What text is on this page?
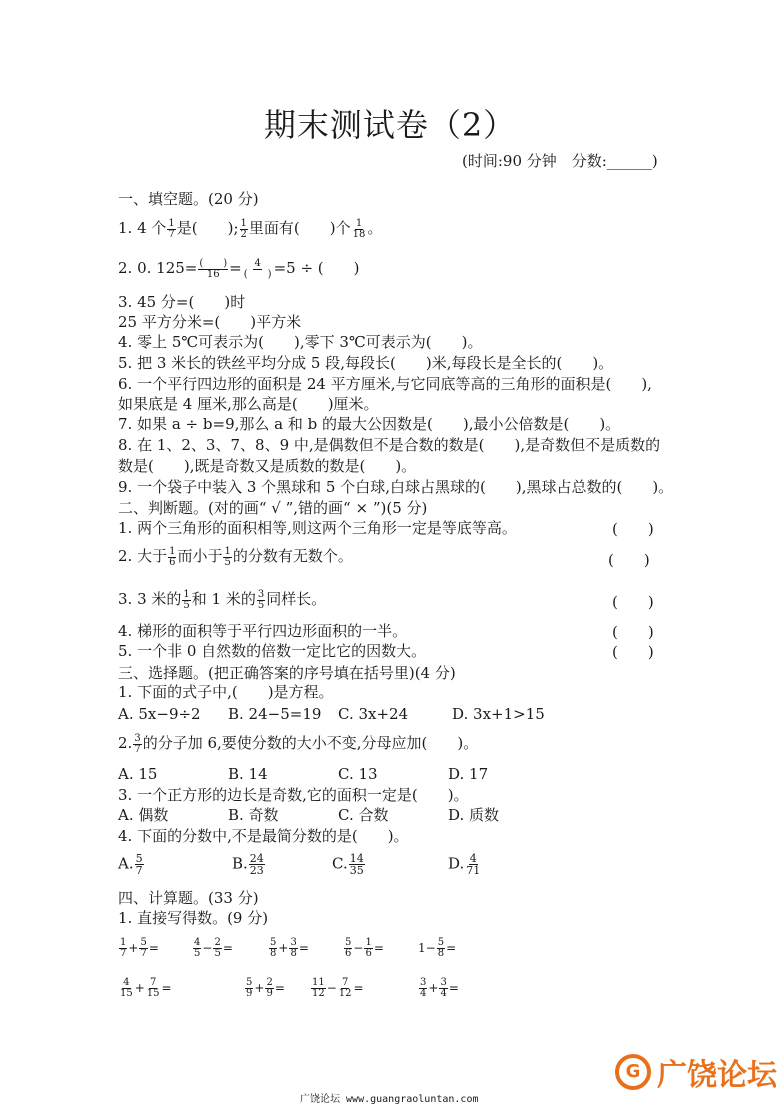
期末测试卷（2）
(时间:90 分钟　分数:______)
一、填空题。(20 分)
1. 4 个 $\frac{1}{7}$ 是(　　); $\frac{1}{2}$ 里面有(　　)个 $\frac{1}{18}$ 。
2. 0. $125= \frac{( )}{16} = \frac{4}{( )} =5$ ÷ (　　)
3. 45 分=(　　)时
25 平方分米=(　　)平方米
4. 零上 5℃可表示为(　　),零下 3℃可表示为(　　)。
5. 把 3 米长的铁丝平均分成 5 段,每段长(　　)米,每段长是全长的(　　)。
6. 一个平行四边形的面积是 24 平方厘米,与它同底等高的三角形的面积是(　　),
如果底是 4 厘米,那么高是(　　)厘米。
7. 如果 a ÷ b=9,那么 a 和 b 的最大公因数是(　　),最小公倍数是(　　)。
8. 在 1、2、3、7、8、9 中,是偶数但不是合数的数是(　　),是奇数但不是质数的
数是(　　),既是奇数又是质数的数是(　　)。
9. 一个袋子中装入 3 个黑球和 5 个白球,白球占黑球的(　　),黑球占总数的(　　)。
二、判断题。(对的画“ √ ”,错的画“ × ”)(5 分)
1. 两个三角形的面积相等,则这两个三角形一定是等底等高。	(　　)
2. 大于 $\frac{1}{6}$ 而小于 $\frac{1}{5}$ 的分数有无数个。	(　　)
3. 3 米的 $\frac{1}{5}$ 和 1 米的 $\frac{3}{5}$ 同样长。	(　　)
4. 梯形的面积等于平行四边形面积的一半。	(　　)
5. 一个非 0 自然数的倍数一定比它的因数大。	(　　)
三、选择题。(把正确答案的序号填在括号里)(4 分)
1. 下面的式子中,(　　)是方程。
A. 5x−9÷2 B. 24−5=19 C. 3x+24	D. 3x+1>15
2. $\frac{3}{7}$ 的分子加 6,要使分数的大小不变,分母应加(　　)。
A. 15	B. 14	C. 13	D. 17
3. 一个正方形的边长是奇数,它的面积一定是(　　)。
A. 偶数	B. 奇数	C. 合数	D. 质数
4. 下面的分数中,不是最简分数的是(　　)。
A. $\frac{5}{7}$	B. $\frac{24}{23}$	C. $\frac{14}{35}$	D. $\frac{4}{71}$
四、计算题。(33 分)
1. 直接写得数。(9 分)
$\frac{1}{7} + \frac{5}{7}$ =	$\frac{4}{5} - \frac{2}{5}$ =	$\frac{5}{8} + \frac{3}{8}$ =	$\frac{5}{6} - \frac{1}{6}$ =	$1- \frac{5}{8}$ =
$\frac{4}{15} + \frac{7}{15}$ =	$\frac{5}{9} + \frac{2}{9}$ =	$\frac{11}{12} - \frac{7}{12}$ =	$\frac{3}{4} + \frac{3}{4}$ =
广饶论坛 www.guangraoluntan.com
G 广饶论坛
